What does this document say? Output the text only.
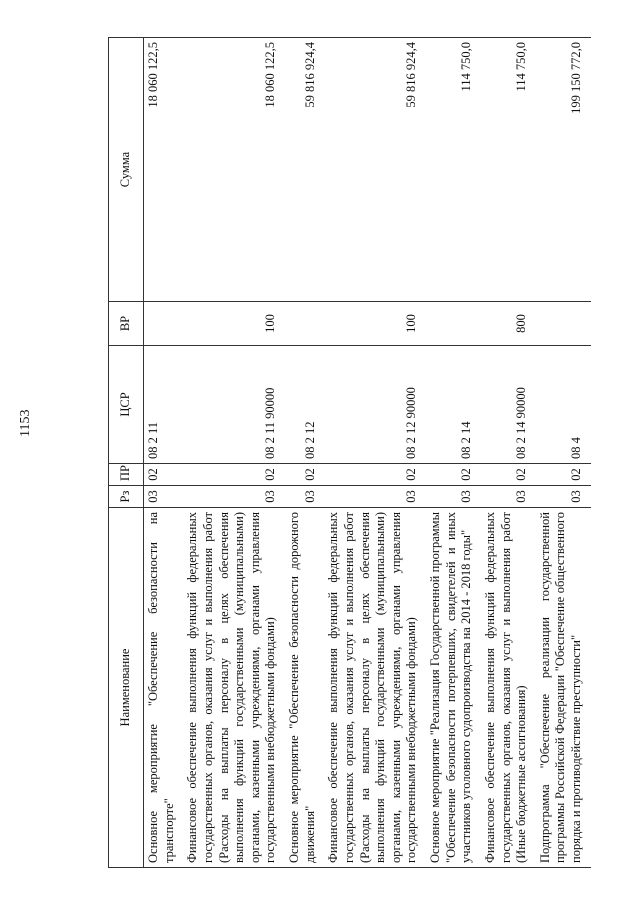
1153
Наименование	Рз	ПР	ЦСР	ВР	Сумма
Основное мероприятие "Обеспечение безопасности на транспорте"	03	02	08 2 11		18 060 122,5
Финансовое обеспечение выполнения функций федеральных государственных органов, оказания услуг и выполнения работ (Расходы на выплаты персоналу в целях обеспечения выполнения функций государственными (муниципальными) органами, казенными учреждениями, органами управления государственными внебюджетными фондами)	03	02	08 2 11 90000	100	18 060 122,5
Основное мероприятие "Обеспечение безопасности дорожного движения"	03	02	08 2 12		59 816 924,4
Финансовое обеспечение выполнения функций федеральных государственных органов, оказания услуг и выполнения работ (Расходы на выплаты персоналу в целях обеспечения выполнения функций государственными (муниципальными) органами, казенными учреждениями, органами управления государственными внебюджетными фондами)	03	02	08 2 12 90000	100	59 816 924,4
Основное мероприятие "Реализация Государственной программы "Обеспечение безопасности потерпевших, свидетелей и иных участников уголовного судопроизводства на 2014 - 2018 годы"	03	02	08 2 14		114 750,0
Финансовое обеспечение выполнения функций федеральных государственных органов, оказания услуг и выполнения работ (Иные бюджетные ассигнования)	03	02	08 2 14 90000	800	114 750,0
Подпрограмма "Обеспечение реализации государственной программы Российской Федерации "Обеспечение общественного порядка и противодействие преступности"	03	02	08 4		199 150 772,0
